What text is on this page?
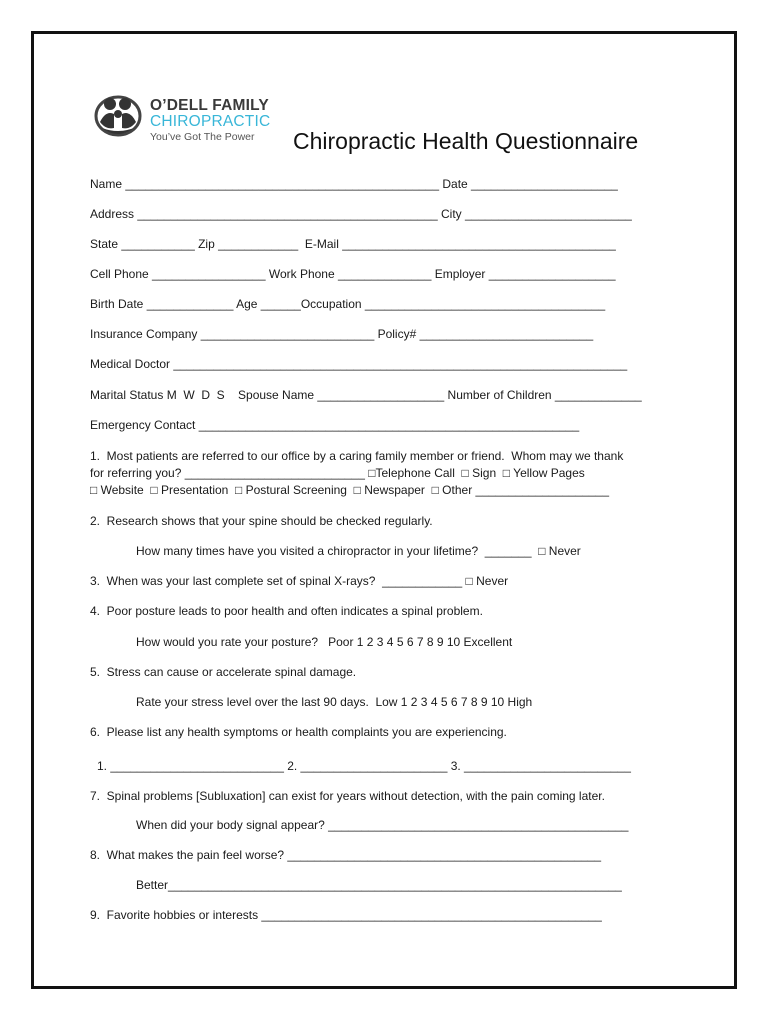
O’DELL FAMILY
CHIROPRACTIC
You’ve Got The Power Chiropractic Health Questionnaire
Name _______________________________________________ Date ______________________
Address _____________________________________________ City _________________________
State ___________ Zip ____________  E-Mail _________________________________________
Cell Phone _________________ Work Phone ______________ Employer ___________________
Birth Date _____________ Age ______Occupation ____________________________________
Insurance Company __________________________ Policy# __________________________
Medical Doctor ____________________________________________________________________
Marital Status M  W  D  S    Spouse Name ___________________ Number of Children _____________
Emergency Contact _________________________________________________________
1.  Most patients are referred to our office by a caring family member or friend.  Whom may we thank
for referring you? ___________________________ □Telephone Call  □ Sign  □ Yellow Pages
□ Website  □ Presentation  □ Postural Screening  □ Newspaper  □ Other ____________________
2.  Research shows that your spine should be checked regularly.
How many times have you visited a chiropractor in your lifetime?  _______  □ Never
3.  When was your last complete set of spinal X-rays?  ____________ □ Never
4.  Poor posture leads to poor health and often indicates a spinal problem.
How would you rate your posture?   Poor 1 2 3 4 5 6 7 8 9 10 Excellent
5.  Stress can cause or accelerate spinal damage.
Rate your stress level over the last 90 days.  Low 1 2 3 4 5 6 7 8 9 10 High
6.  Please list any health symptoms or health complaints you are experiencing.
1. __________________________ 2. ______________________ 3. _________________________
7.  Spinal problems [Subluxation] can exist for years without detection, with the pain coming later.
When did your body signal appear? _____________________________________________
8.  What makes the pain feel worse? _______________________________________________
Better____________________________________________________________________
9.  Favorite hobbies or interests ___________________________________________________
